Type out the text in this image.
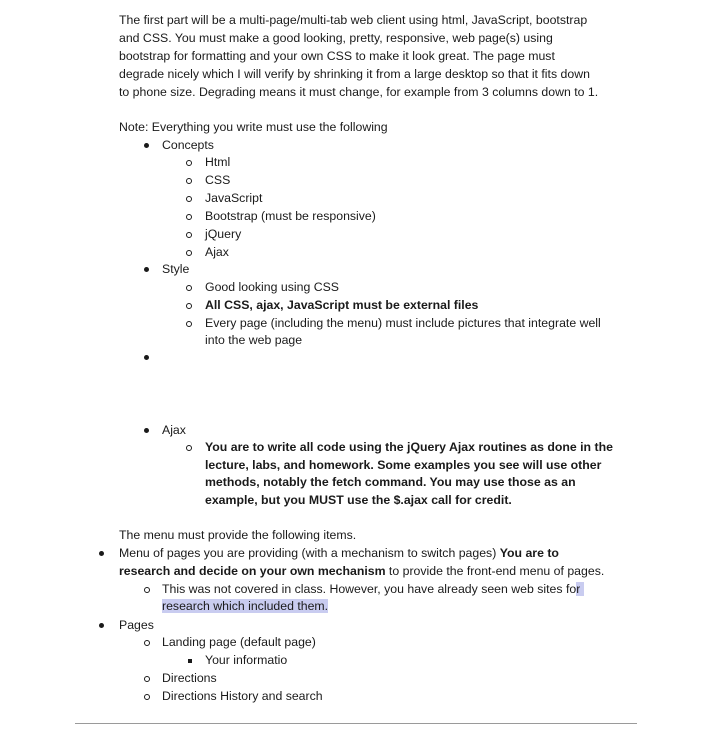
The first part will be a multi-page/multi-tab web client using html, JavaScript, bootstrap
and CSS. You must make a good looking, pretty, responsive, web page(s) using
bootstrap for formatting and your own CSS to make it look great. The page must
degrade nicely which I will verify by shrinking it from a large desktop so that it fits down
to phone size. Degrading means it must change, for example from 3 columns down to 1.
Note: Everything you write must use the following
Concepts
Html
CSS
JavaScript
Bootstrap (must be responsive)
jQuery
Ajax
Style
Good looking using CSS
All CSS, ajax, JavaScript must be external files
Every page (including the menu) must include pictures that integrate well
into the web page
Ajax
You are to write all code using the jQuery Ajax routines as done in the
lecture, labs, and homework. Some examples you see will use other
methods, notably the fetch command. You may use those as an
example, but you MUST use the $.ajax call for credit.
The menu must provide the following items.
Menu of pages you are providing (with a mechanism to switch pages) You are to
research and decide on your own mechanism to provide the front-end menu of pages.
This was not covered in class. However, you have already seen web sites for
research which included them.
Pages
Landing page (default page)
Your informatio
Directions
Directions History and search
